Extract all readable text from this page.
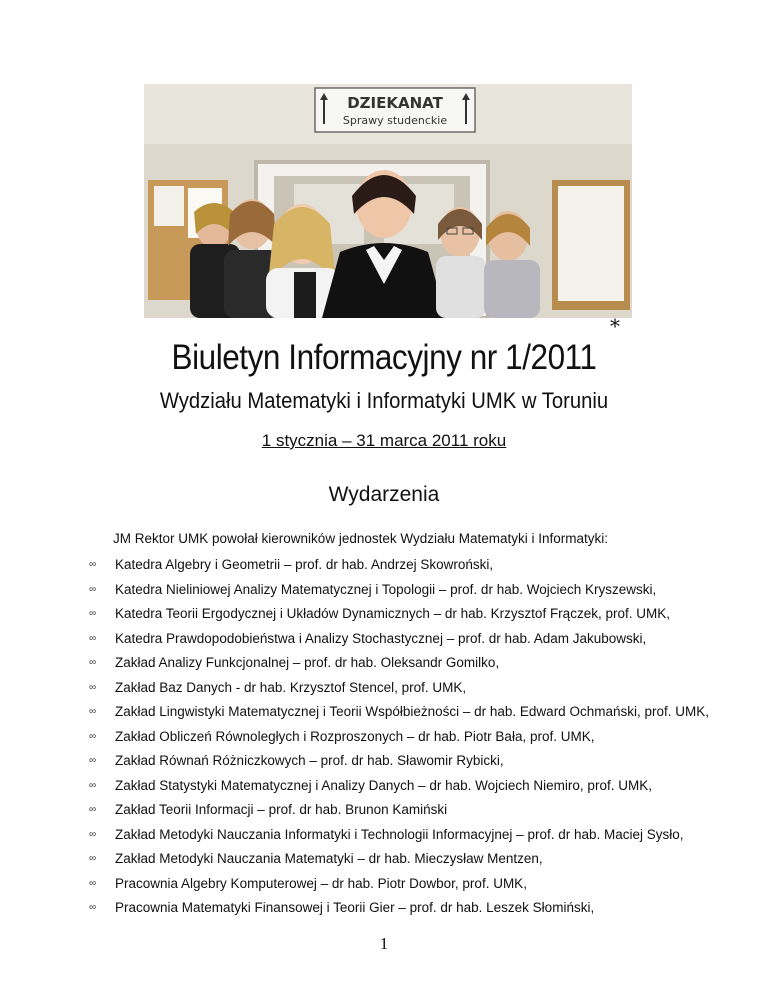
DZIEKANAT
Sprawy studenckie
*
Biuletyn Informacyjny nr 1/2011
Wydziału Matematyki i Informatyki UMK w Toruniu
1 stycznia – 31 marca 2011 roku
Wydarzenia
JM Rektor UMK powołał kierowników jednostek Wydziału Matematyki i Informatyki:
∞ Katedra Algebry i Geometrii – prof. dr hab. Andrzej Skowroński,
∞ Katedra Nieliniowej Analizy Matematycznej i Topologii – prof. dr hab. Wojciech Kryszewski,
∞ Katedra Teorii Ergodycznej i Układów Dynamicznych – dr hab. Krzysztof Frączek, prof. UMK,
∞ Katedra Prawdopodobieństwa i Analizy Stochastycznej – prof. dr hab. Adam Jakubowski,
∞ Zakład Analizy Funkcjonalnej – prof. dr hab. Oleksandr Gomilko,
∞ Zakład Baz Danych - dr hab. Krzysztof Stencel, prof. UMK,
∞ Zakład Lingwistyki Matematycznej i Teorii Współbieżności – dr hab. Edward Ochmański, prof. UMK,
∞ Zakład Obliczeń Równoległych i Rozproszonych – dr hab. Piotr Bała, prof. UMK,
∞ Zakład Równań Różniczkowych – prof. dr hab. Sławomir Rybicki,
∞ Zakład Statystyki Matematycznej i Analizy Danych – dr hab. Wojciech Niemiro, prof. UMK,
∞ Zakład Teorii Informacji – prof. dr hab. Brunon Kamiński
∞ Zakład Metodyki Nauczania Informatyki i Technologii Informacyjnej – prof. dr hab. Maciej Sysło,
∞ Zakład Metodyki Nauczania Matematyki – dr hab. Mieczysław Mentzen,
∞ Pracownia Algebry Komputerowej – dr hab. Piotr Dowbor, prof. UMK,
∞ Pracownia Matematyki Finansowej i Teorii Gier – prof. dr hab. Leszek Słomiński,
1
